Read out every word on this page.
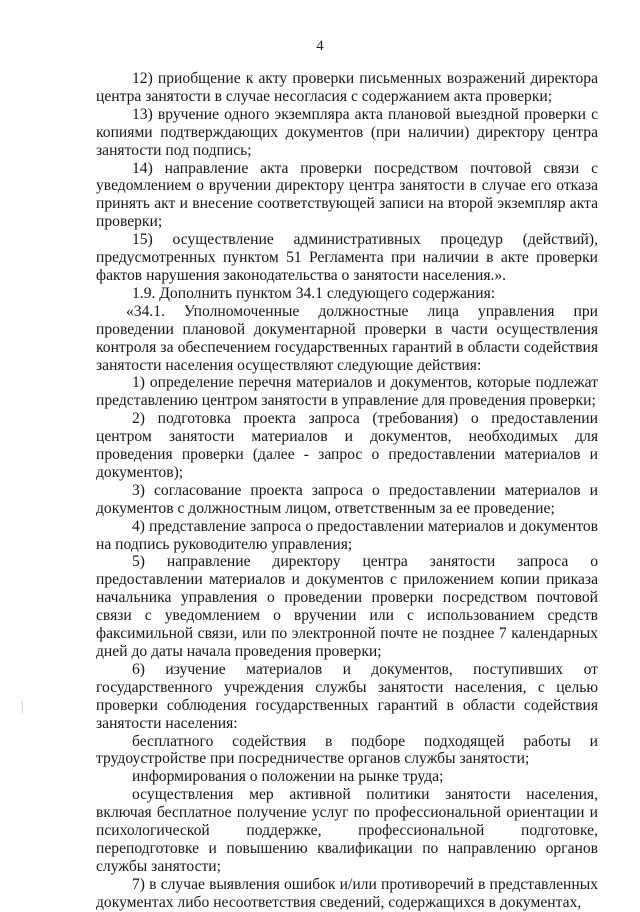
4

12) приобщение к акту проверки письменных возражений директора центра занятости в случае несогласия с содержанием акта проверки;

13) вручение одного экземпляра акта плановой выездной проверки с копиями подтверждающих документов (при наличии) директору центра занятости под подпись;

14) направление акта проверки посредством почтовой связи с уведомлением о вручении директору центра занятости в случае его отказа принять акт и внесение соответствующей записи на второй экземпляр акта проверки;

15) осуществление административных процедур (действий), предусмотренных пунктом 51 Регламента при наличии в акте проверки фактов нарушения законодательства о занятости населения.».

1.9. Дополнить пунктом 34.1 следующего содержания:

«34.1. Уполномоченные должностные лица управления при проведении плановой документарной проверки в части осуществления контроля за обеспечением государственных гарантий в области содействия занятости населения осуществляют следующие действия:

1) определение перечня материалов и документов, которые подлежат представлению центром занятости в управление для проведения проверки;

2) подготовка проекта запроса (требования) о предоставлении центром занятости материалов и документов, необходимых для проведения проверки (далее - запрос о предоставлении материалов и документов);

3) согласование проекта запроса о предоставлении материалов и документов с должностным лицом, ответственным за ее проведение;

4) представление запроса о предоставлении материалов и документов на подпись руководителю управления;

5) направление директору центра занятости запроса о предоставлении материалов и документов с приложением копии приказа начальника управления о проведении проверки посредством почтовой связи с уведомлением о вручении или с использованием средств факсимильной связи, или по электронной почте не позднее 7 календарных дней до даты начала проведения проверки;

6) изучение материалов и документов, поступивших от государственного учреждения службы занятости населения, с целью проверки соблюдения государственных гарантий в области содействия занятости населения:

бесплатного содействия в подборе подходящей работы и трудоустройстве при посредничестве органов службы занятости;

информирования о положении на рынке труда;

осуществления мер активной политики занятости населения, включая бесплатное получение услуг по профессиональной ориентации и психологической поддержке, профессиональной подготовке, переподготовке и повышению квалификации по направлению органов службы занятости;

7) в случае выявления ошибок и/или противоречий в представленных документах либо несоответствия сведений, содержащихся в документах,
